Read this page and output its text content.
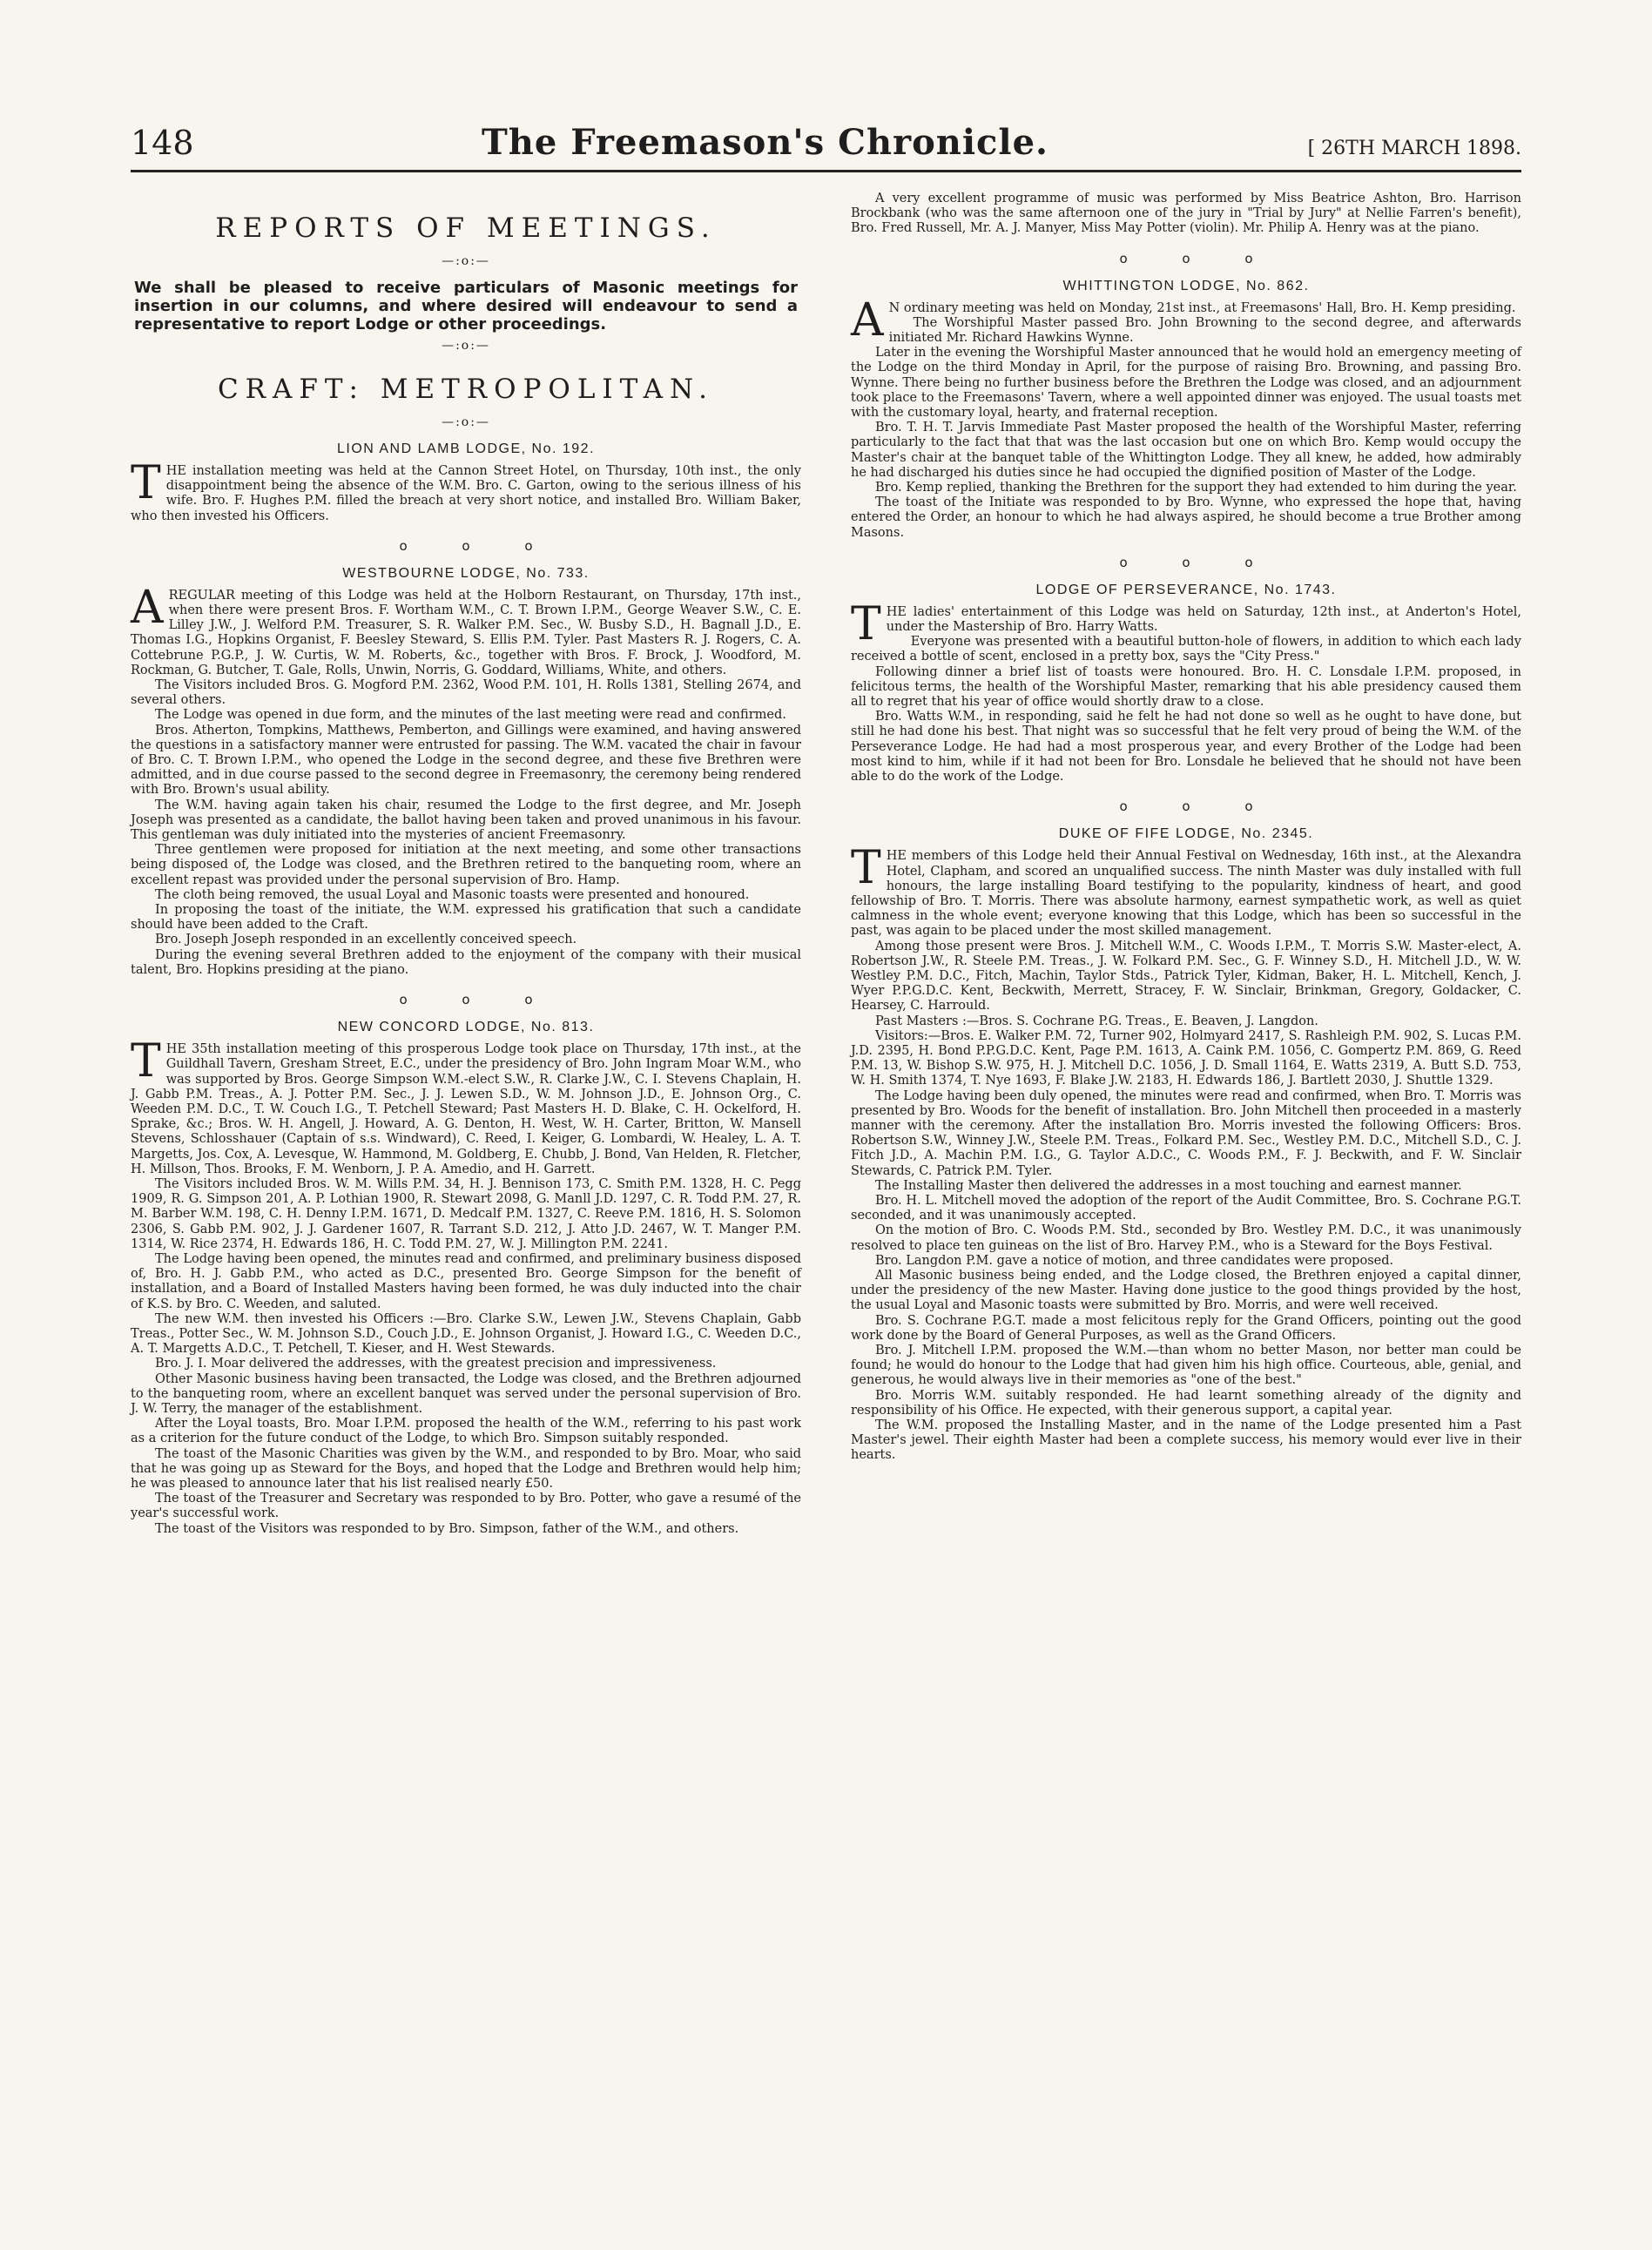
148	The Freemason's Chronicle.	[ 26TH MARCH 1898.
REPORTS OF MEETINGS.
—:o:—
We shall be pleased to receive particulars of Masonic meetings for insertion in our columns, and where desired will endeavour to send a representative to report Lodge or other proceedings.
—:o:—
CRAFT: METROPOLITAN.
—:o:—
LION AND LAMB LODGE, No. 192.

THE installation meeting was held at the Cannon Street Hotel, on Thursday, 10th inst., the only disappointment being the absence of the W.M. Bro. C. Garton, owing to the serious illness of his wife. Bro. F. Hughes P.M. filled the breach at very short notice, and installed Bro. William Baker, who then invested his Officers.

o o o
WESTBOURNE LODGE, No. 733.

AREGULAR meeting of this Lodge was held at the Holborn Restaurant, on Thursday, 17th inst., when there were present Bros. F. Wortham W.M., C. T. Brown I.P.M., George Weaver S.W., C. E. Lilley J.W., J. Welford P.M. Treasurer, S. R. Walker P.M. Sec., W. Busby S.D., H. Bagnall J.D., E. Thomas I.G., Hopkins Organist, F. Beesley Steward, S. Ellis P.M. Tyler. Past Masters R. J. Rogers, C. A. Cottebrune P.G.P., J. W. Curtis, W. M. Roberts, &c., together with Bros. F. Brock, J. Woodford, M. Rockman, G. Butcher, T. Gale, Rolls, Unwin, Norris, G. Goddard, Williams, White, and others.

The Visitors included Bros. G. Mogford P.M. 2362, Wood P.M. 101, H. Rolls 1381, Stelling 2674, and several others.

The Lodge was opened in due form, and the minutes of the last meeting were read and confirmed.

Bros. Atherton, Tompkins, Matthews, Pemberton, and Gillings were examined, and having answered the questions in a satisfactory manner were entrusted for passing. The W.M. vacated the chair in favour of Bro. C. T. Brown I.P.M., who opened the Lodge in the second degree, and these five Brethren were admitted, and in due course passed to the second degree in Freemasonry, the ceremony being rendered with Bro. Brown's usual ability.

The W.M. having again taken his chair, resumed the Lodge to the first degree, and Mr. Joseph Joseph was presented as a candidate, the ballot having been taken and proved unanimous in his favour. This gentleman was duly initiated into the mysteries of ancient Freemasonry.

Three gentlemen were proposed for initiation at the next meeting, and some other transactions being disposed of, the Lodge was closed, and the Brethren retired to the banqueting room, where an excellent repast was provided under the personal supervision of Bro. Hamp.

The cloth being removed, the usual Loyal and Masonic toasts were presented and honoured.

In proposing the toast of the initiate, the W.M. expressed his gratification that such a candidate should have been added to the Craft.

Bro. Joseph Joseph responded in an excellently conceived speech.

During the evening several Brethren added to the enjoyment of the company with their musical talent, Bro. Hopkins presiding at the piano.

o o o
NEW CONCORD LODGE, No. 813.

THE 35th installation meeting of this prosperous Lodge took place on Thursday, 17th inst., at the Guildhall Tavern, Gresham Street, E.C., under the presidency of Bro. John Ingram Moar W.M., who was supported by Bros. George Simpson W.M.-elect S.W., R. Clarke J.W., C. I. Stevens Chaplain, H. J. Gabb P.M. Treas., A. J. Potter P.M. Sec., J. J. Lewen S.D., W. M. Johnson J.D., E. Johnson Org., C. Weeden P.M. D.C., T. W. Couch I.G., T. Petchell Steward; Past Masters H. D. Blake, C. H. Ockelford, H. Sprake, &c.; Bros. W. H. Angell, J. Howard, A. G. Denton, H. West, W. H. Carter, Britton, W. Mansell Stevens, Schlosshauer (Captain of s.s. Windward), C. Reed, I. Keiger, G. Lombardi, W. Healey, L. A. T. Margetts, Jos. Cox, A. Levesque, W. Hammond, M. Goldberg, E. Chubb, J. Bond, Van Helden, R. Fletcher, H. Millson, Thos. Brooks, F. M. Wenborn, J. P. A. Amedio, and H. Garrett.

The Visitors included Bros. W. M. Wills P.M. 34, H. J. Bennison 173, C. Smith P.M. 1328, H. C. Pegg 1909, R. G. Simpson 201, A. P. Lothian 1900, R. Stewart 2098, G. Manll J.D. 1297, C. R. Todd P.M. 27, R. M. Barber W.M. 198, C. H. Denny I.P.M. 1671, D. Medcalf P.M. 1327, C. Reeve P.M. 1816, H. S. Solomon 2306, S. Gabb P.M. 902, J. J. Gardener 1607, R. Tarrant S.D. 212, J. Atto J.D. 2467, W. T. Manger P.M. 1314, W. Rice 2374, H. Edwards 186, H. C. Todd P.M. 27, W. J. Millington P.M. 2241.

The Lodge having been opened, the minutes read and confirmed, and preliminary business disposed of, Bro. H. J. Gabb P.M., who acted as D.C., presented Bro. George Simpson for the benefit of installation, and a Board of Installed Masters having been formed, he was duly inducted into the chair of K.S. by Bro. C. Weeden, and saluted.

The new W.M. then invested his Officers :—Bro. Clarke S.W., Lewen J.W., Stevens Chaplain, Gabb Treas., Potter Sec., W. M. Johnson S.D., Couch J.D., E. Johnson Organist, J. Howard I.G., C. Weeden D.C., A. T. Margetts A.D.C., T. Petchell, T. Kieser, and H. West Stewards.

Bro. J. I. Moar delivered the addresses, with the greatest precision and impressiveness.

Other Masonic business having been transacted, the Lodge was closed, and the Brethren adjourned to the banqueting room, where an excellent banquet was served under the personal supervision of Bro. J. W. Terry, the manager of the establishment.

After the Loyal toasts, Bro. Moar I.P.M. proposed the health of the W.M., referring to his past work as a criterion for the future conduct of the Lodge, to which Bro. Simpson suitably responded.

The toast of the Masonic Charities was given by the W.M., and responded to by Bro. Moar, who said that he was going up as Steward for the Boys, and hoped that the Lodge and Brethren would help him; he was pleased to announce later that his list realised nearly £50.

The toast of the Treasurer and Secretary was responded to by Bro. Potter, who gave a resumé of the year's successful work.

The toast of the Visitors was responded to by Bro. Simpson, father of the W.M., and others.

A very excellent programme of music was performed by Miss Beatrice Ashton, Bro. Harrison Brockbank (who was the same afternoon one of the jury in "Trial by Jury" at Nellie Farren's benefit), Bro. Fred Russell, Mr. A. J. Manyer, Miss May Potter (violin). Mr. Philip A. Henry was at the piano.

o o o
WHITTINGTON LODGE, No. 862.

A N ordinary meeting was held on Monday, 21st inst., at Freemasons' Hall, Bro. H. Kemp presiding.

The Worshipful Master passed Bro. John Browning to the second degree, and afterwards initiated Mr. Richard Hawkins Wynne.

Later in the evening the Worshipful Master announced that he would hold an emergency meeting of the Lodge on the third Monday in April, for the purpose of raising Bro. Browning, and passing Bro. Wynne. There being no further business before the Brethren the Lodge was closed, and an adjournment took place to the Freemasons' Tavern, where a well appointed dinner was enjoyed. The usual toasts met with the customary loyal, hearty, and fraternal reception.

Bro. T. H. T. Jarvis Immediate Past Master proposed the health of the Worshipful Master, referring particularly to the fact that that was the last occasion but one on which Bro. Kemp would occupy the Master's chair at the banquet table of the Whittington Lodge. They all knew, he added, how admirably he had discharged his duties since he had occupied the dignified position of Master of the Lodge.

Bro. Kemp replied, thanking the Brethren for the support they had extended to him during the year.

The toast of the Initiate was responded to by Bro. Wynne, who expressed the hope that, having entered the Order, an honour to which he had always aspired, he should become a true Brother among Masons.

o o o
LODGE OF PERSEVERANCE, No. 1743.

THE ladies' entertainment of this Lodge was held on Saturday, 12th inst., at Anderton's Hotel, under the Mastership of Bro. Harry Watts.

Everyone was presented with a beautiful button-hole of flowers, in addition to which each lady received a bottle of scent, enclosed in a pretty box, says the "City Press."

Following dinner a brief list of toasts were honoured. Bro. H. C. Lonsdale I.P.M. proposed, in felicitous terms, the health of the Worshipful Master, remarking that his able presidency caused them all to regret that his year of office would shortly draw to a close.

Bro. Watts W.M., in responding, said he felt he had not done so well as he ought to have done, but still he had done his best. That night was so successful that he felt very proud of being the W.M. of the Perseverance Lodge. He had had a most prosperous year, and every Brother of the Lodge had been most kind to him, while if it had not been for Bro. Lonsdale he believed that he should not have been able to do the work of the Lodge.

o o o
DUKE OF FIFE LODGE, No. 2345.

THE members of this Lodge held their Annual Festival on Wednesday, 16th inst., at the Alexandra Hotel, Clapham, and scored an unqualified success. The ninth Master was duly installed with full honours, the large installing Board testifying to the popularity, kindness of heart, and good fellowship of Bro. T. Morris. There was absolute harmony, earnest sympathetic work, as well as quiet calmness in the whole event; everyone knowing that this Lodge, which has been so successful in the past, was again to be placed under the most skilled management.

Among those present were Bros. J. Mitchell W.M., C. Woods I.P.M., T. Morris S.W. Master-elect, A. Robertson J.W., R. Steele P.M. Treas., J. W. Folkard P.M. Sec., G. F. Winney S.D., H. Mitchell J.D., W. W. Westley P.M. D.C., Fitch, Machin, Taylor Stds., Patrick Tyler, Kidman, Baker, H. L. Mitchell, Kench, J. Wyer P.P.G.D.C. Kent, Beckwith, Merrett, Stracey, F. W. Sinclair, Brinkman, Gregory, Goldacker, C. Hearsey, C. Harrould.

Past Masters :—Bros. S. Cochrane P.G. Treas., E. Beaven, J. Langdon.

Visitors:—Bros. E. Walker P.M. 72, Turner 902, Holmyard 2417, S. Rashleigh P.M. 902, S. Lucas P.M. J.D. 2395, H. Bond P.P.G.D.C. Kent, Page P.M. 1613, A. Caink P.M. 1056, C. Gompertz P.M. 869, G. Reed P.M. 13, W. Bishop S.W. 975, H. J. Mitchell D.C. 1056, J. D. Small 1164, E. Watts 2319, A. Butt S.D. 753, W. H. Smith 1374, T. Nye 1693, F. Blake J.W. 2183, H. Edwards 186, J. Bartlett 2030, J. Shuttle 1329.

The Lodge having been duly opened, the minutes were read and confirmed, when Bro. T. Morris was presented by Bro. Woods for the benefit of installation. Bro. John Mitchell then proceeded in a masterly manner with the ceremony. After the installation Bro. Morris invested the following Officers: Bros. Robertson S.W., Winney J.W., Steele P.M. Treas., Folkard P.M. Sec., Westley P.M. D.C., Mitchell S.D., C. J. Fitch J.D., A. Machin P.M. I.G., G. Taylor A.D.C., C. Woods P.M., F. J. Beckwith, and F. W. Sinclair Stewards, C. Patrick P.M. Tyler.

The Installing Master then delivered the addresses in a most touching and earnest manner.

Bro. H. L. Mitchell moved the adoption of the report of the Audit Committee, Bro. S. Cochrane P.G.T. seconded, and it was unanimously accepted.

On the motion of Bro. C. Woods P.M. Std., seconded by Bro. Westley P.M. D.C., it was unanimously resolved to place ten guineas on the list of Bro. Harvey P.M., who is a Steward for the Boys Festival.

Bro. Langdon P.M. gave a notice of motion, and three candidates were proposed.

All Masonic business being ended, and the Lodge closed, the Brethren enjoyed a capital dinner, under the presidency of the new Master. Having done justice to the good things provided by the host, the usual Loyal and Masonic toasts were submitted by Bro. Morris, and were well received.

Bro. S. Cochrane P.G.T. made a most felicitous reply for the Grand Officers, pointing out the good work done by the Board of General Purposes, as well as the Grand Officers.

Bro. J. Mitchell I.P.M. proposed the W.M.—than whom no better Mason, nor better man could be found; he would do honour to the Lodge that had given him his high office. Courteous, able, genial, and generous, he would always live in their memories as "one of the best."

Bro. Morris W.M. suitably responded. He had learnt something already of the dignity and responsibility of his Office. He expected, with their generous support, a capital year.

The W.M. proposed the Installing Master, and in the name of the Lodge presented him a Past Master's jewel. Their eighth Master had been a complete success, his memory would ever live in their hearts.
